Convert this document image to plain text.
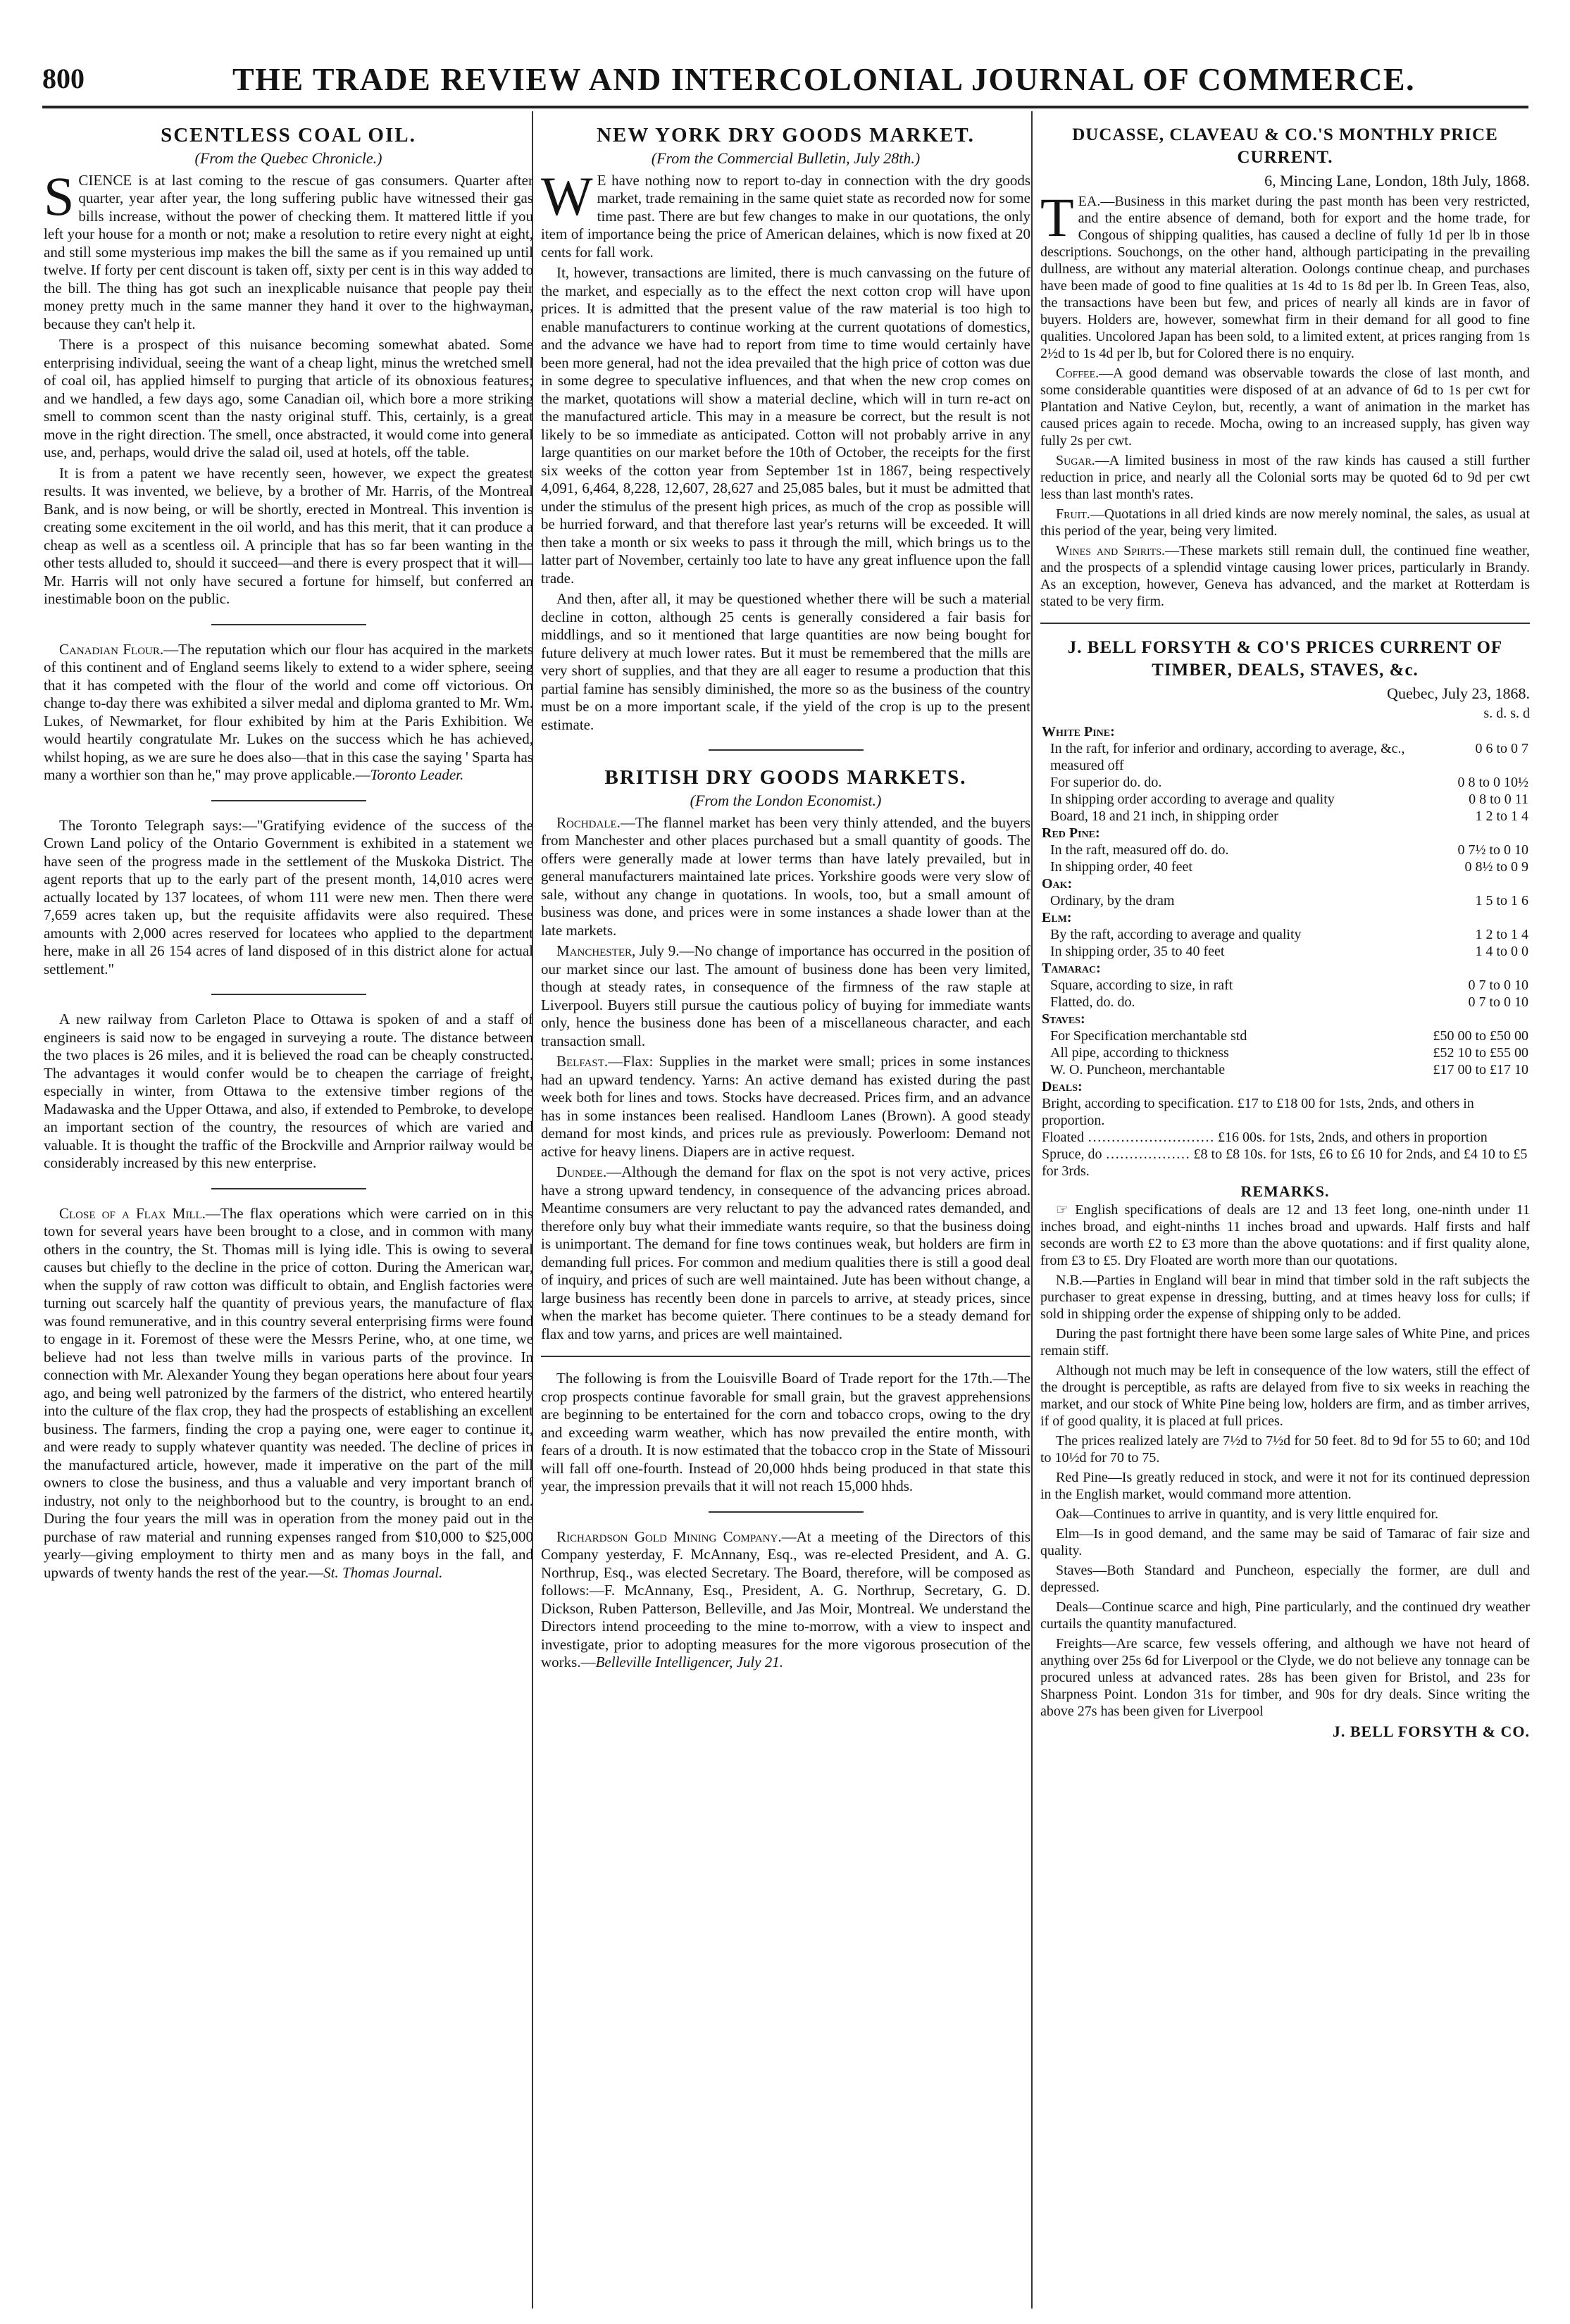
800	THE TRADE REVIEW AND INTERCOLONIAL JOURNAL OF COMMERCE.
SCENTLESS COAL OIL.
(From the Quebec Chronicle.)

SCIENCE is at last coming to the rescue of gas consumers. Quarter after quarter, year after year, the long suffering public have witnessed their gas bills increase, without the power of checking them. It mattered little if you left your house for a month or not; make a resolution to retire every night at eight, and still some mysterious imp makes the bill the same as if you remained up until twelve. If forty per cent discount is taken off, sixty per cent is in this way added to the bill. The thing has got such an inexplicable nuisance that people pay their money pretty much in the same manner they hand it over to the highwayman, because they can't help it.

There is a prospect of this nuisance becoming somewhat abated. Some enterprising individual, seeing the want of a cheap light, minus the wretched smell of coal oil, has applied himself to purging that article of its obnoxious features; and we handled, a few days ago, some Canadian oil, which bore a more striking smell to common scent than the nasty original stuff. This, certainly, is a great move in the right direction. The smell, once abstracted, it would come into general use, and, perhaps, would drive the salad oil, used at hotels, off the table.

It is from a patent we have recently seen, however, we expect the greatest results. It was invented, we believe, by a brother of Mr. Harris, of the Montreal Bank, and is now being, or will be shortly, erected in Montreal. This invention is creating some excitement in the oil world, and has this merit, that it can produce a cheap as well as a scentless oil. A principle that has so far been wanting in the other tests alluded to, should it succeed—and there is every prospect that it will—Mr. Harris will not only have secured a fortune for himself, but conferred an inestimable boon on the public.

Canadian Flour.—The reputation which our flour has acquired in the markets of this continent and of England seems likely to extend to a wider sphere, seeing that it has competed with the flour of the world and come off victorious. On change to-day there was exhibited a silver medal and diploma granted to Mr. Wm. Lukes, of Newmarket, for flour exhibited by him at the Paris Exhibition. We would heartily congratulate Mr. Lukes on the success which he has achieved, whilst hoping, as we are sure he does also—that in this case the saying ' Sparta has many a worthier son than he,'' may prove applicable.—Toronto Leader.

The Toronto Telegraph says:—"Gratifying evidence of the success of the Crown Land policy of the Ontario Government is exhibited in a statement we have seen of the progress made in the settlement of the Muskoka District. The agent reports that up to the early part of the present month, 14,010 acres were actually located by 137 locatees, of whom 111 were new men. Then there were 7,659 acres taken up, but the requisite affidavits were also required. These amounts with 2,000 acres reserved for locatees who applied to the department here, make in all 26 154 acres of land disposed of in this district alone for actual settlement."

A new railway from Carleton Place to Ottawa is spoken of and a staff of engineers is said now to be engaged in surveying a route. The distance between the two places is 26 miles, and it is believed the road can be cheaply constructed. The advantages it would confer would be to cheapen the carriage of freight, especially in winter, from Ottawa to the extensive timber regions of the Madawaska and the Upper Ottawa, and also, if extended to Pembroke, to develope an important section of the country, the resources of which are varied and valuable. It is thought the traffic of the Brockville and Arnprior railway would be considerably increased by this new enterprise.

Close of a Flax Mill.—The flax operations which were carried on in this town for several years have been brought to a close, and in common with many others in the country, the St. Thomas mill is lying idle. This is owing to several causes but chiefly to the decline in the price of cotton. During the American war, when the supply of raw cotton was difficult to obtain, and English factories were turning out scarcely half the quantity of previous years, the manufacture of flax was found remunerative, and in this country several enterprising firms were found to engage in it. Foremost of these were the Messrs Perine, who, at one time, we believe had not less than twelve mills in various parts of the province. In connection with Mr. Alexander Young they began operations here about four years ago, and being well patronized by the farmers of the district, who entered heartily into the culture of the flax crop, they had the prospects of establishing an excellent business. The farmers, finding the crop a paying one, were eager to continue it, and were ready to supply whatever quantity was needed. The decline of prices in the manufactured article, however, made it imperative on the part of the mill owners to close the business, and thus a valuable and very important branch of industry, not only to the neighborhood but to the country, is brought to an end. During the four years the mill was in operation from the money paid out in the purchase of raw material and running expenses ranged from $10,000 to $25,000 yearly—giving employment to thirty men and as many boys in the fall, and upwards of twenty hands the rest of the year.—St. Thomas Journal.

NEW YORK DRY GOODS MARKET.
(From the Commercial Bulletin, July 28th.)

W E have nothing now to report to-day in connection with the dry goods market, trade remaining in the same quiet state as recorded now for some time past. There are but few changes to make in our quotations, the only item of importance being the price of American delaines, which is now fixed at 20 cents for fall work.

It, however, transactions are limited, there is much canvassing on the future of the market, and especially as to the effect the next cotton crop will have upon prices. It is admitted that the present value of the raw material is too high to enable manufacturers to continue working at the current quotations of domestics, and the advance we have had to report from time to time would certainly have been more general, had not the idea prevailed that the high price of cotton was due in some degree to speculative influences, and that when the new crop comes on the market, quotations will show a material decline, which will in turn re-act on the manufactured article. This may in a measure be correct, but the result is not likely to be so immediate as anticipated. Cotton will not probably arrive in any large quantities on our market before the 10th of October, the receipts for the first six weeks of the cotton year from September 1st in 1867, being respectively 4,091, 6,464, 8,228, 12,607, 28,627 and 25,085 bales, but it must be admitted that under the stimulus of the present high prices, as much of the crop as possible will be hurried forward, and that therefore last year's returns will be exceeded. It will then take a month or six weeks to pass it through the mill, which brings us to the latter part of November, certainly too late to have any great influence upon the fall trade.

And then, after all, it may be questioned whether there will be such a material decline in cotton, although 25 cents is generally considered a fair basis for middlings, and so it mentioned that large quantities are now being bought for future delivery at much lower rates. But it must be remembered that the mills are very short of supplies, and that they are all eager to resume a production that this partial famine has sensibly diminished, the more so as the business of the country must be on a more important scale, if the yield of the crop is up to the present estimate.

BRITISH DRY GOODS MARKETS.
(From the London Economist.)

Rochdale.—The flannel market has been very thinly attended, and the buyers from Manchester and other places purchased but a small quantity of goods. The offers were generally made at lower terms than have lately prevailed, but in general manufacturers maintained late prices. Yorkshire goods were very slow of sale, without any change in quotations. In wools, too, but a small amount of business was done, and prices were in some instances a shade lower than at the late markets.

Manchester, July 9.—No change of importance has occurred in the position of our market since our last. The amount of business done has been very limited, though at steady rates, in consequence of the firmness of the raw staple at Liverpool. Buyers still pursue the cautious policy of buying for immediate wants only, hence the business done has been of a miscellaneous character, and each transaction small.

Belfast.—Flax: Supplies in the market were small; prices in some instances had an upward tendency. Yarns: An active demand has existed during the past week both for lines and tows. Stocks have decreased. Prices firm, and an advance has in some instances been realised. Handloom Lanes (Brown). A good steady demand for most kinds, and prices rule as previously. Powerloom: Demand not active for heavy linens. Diapers are in active request.

Dundee.—Although the demand for flax on the spot is not very active, prices have a strong upward tendency, in consequence of the advancing prices abroad. Meantime consumers are very reluctant to pay the advanced rates demanded, and therefore only buy what their immediate wants require, so that the business doing is unimportant. The demand for fine tows continues weak, but holders are firm in demanding full prices. For common and medium qualities there is still a good deal of inquiry, and prices of such are well maintained. Jute has been without change, a large business has recently been done in parcels to arrive, at steady prices, since when the market has become quieter. There continues to be a steady demand for flax and tow yarns, and prices are well maintained.

The following is from the Louisville Board of Trade report for the 17th.—The crop prospects continue favorable for small grain, but the gravest apprehensions are beginning to be entertained for the corn and tobacco crops, owing to the dry and exceeding warm weather, which has now prevailed the entire month, with fears of a drouth. It is now estimated that the tobacco crop in the State of Missouri will fall off one-fourth. Instead of 20,000 hhds being produced in that state this year, the impression prevails that it will not reach 15,000 hhds.

Richardson Gold Mining Company.—At a meeting of the Directors of this Company yesterday, F. McAnnany, Esq., was re-elected President, and A. G. Northrup, Esq., was elected Secretary. The Board, therefore, will be composed as follows:—F. McAnnany, Esq., President, A. G. Northrup, Secretary, G. D. Dickson, Ruben Patterson, Belleville, and Jas Moir, Montreal. We understand the Directors intend proceeding to the mine to-morrow, with a view to inspect and investigate, prior to adopting measures for the more vigorous prosecution of the works.—Belleville Intelligencer, July 21.

DUCASSE, CLAVEAU & CO.'S MONTHLY PRICE CURRENT.
6, Mincing Lane, London, 18th July, 1868.

TEA.—Business in this market during the past month has been very restricted, and the entire absence of demand, both for export and the home trade, for Congous of shipping qualities, has caused a decline of fully 1d per lb in those descriptions. Souchongs, on the other hand, although participating in the prevailing dullness, are without any material alteration. Oolongs continue cheap, and purchases have been made of good to fine qualities at 1s 4d to 1s 8d per lb. In Green Teas, also, the transactions have been but few, and prices of nearly all kinds are in favor of buyers. Holders are, however, somewhat firm in their demand for all good to fine qualities. Uncolored Japan has been sold, to a limited extent, at prices ranging from 1s 2½d to 1s 4d per lb, but for Colored there is no enquiry.

Coffee.—A good demand was observable towards the close of last month, and some considerable quantities were disposed of at an advance of 6d to 1s per cwt for Plantation and Native Ceylon, but, recently, a want of animation in the market has caused prices again to recede. Mocha, owing to an increased supply, has given way fully 2s per cwt.

Sugar.—A limited business in most of the raw kinds has caused a still further reduction in price, and nearly all the Colonial sorts may be quoted 6d to 9d per cwt less than last month's rates.

Fruit.—Quotations in all dried kinds are now merely nominal, the sales, as usual at this period of the year, being very limited.

Wines and Spirits.—These markets still remain dull, the continued fine weather, and the prospects of a splendid vintage causing lower prices, particularly in Brandy. As an exception, however, Geneva has advanced, and the market at Rotterdam is stated to be very firm.

J. BELL FORSYTH & CO'S PRICES CURRENT OF TIMBER, DEALS, STAVES, &c.
Quebec, July 23, 1868.
s. d. s. d
White Pine:
In the raft, for inferior and ordinary, according to average, &c., measured off	0 6 to 0 7
For superior do. do.	0 8 to 0 10½
In shipping order according to average and quality	0 8 to 0 11
Board, 18 and 21 inch, in shipping order	1 2 to 1 4
Red Pine:
In the raft, measured off do. do.	0 7½ to 0 10
In shipping order, 40 feet	0 8½ to 0 9
Oak:
Ordinary, by the dram	1 5 to 1 6
Elm:
By the raft, according to average and quality	1 2 to 1 4
In shipping order, 35 to 40 feet	1 4 to 0 0
Tamarac:
Square, according to size, in raft	0 7 to 0 10
Flatted, do. do.	0 7 to 0 10
Staves:
For Specification merchantable std	£50 00 to £50 00
All pipe, according to thickness	£52 10 to £55 00
W. O. Puncheon, merchantable	£17 00 to £17 10
Deals:
Bright, according to specification. £17 to £18 00 for 1sts, 2nds, and others in proportion.
Floated ……………………… £16 00s. for 1sts, 2nds, and others in proportion
Spruce, do ……………… £8 to £8 10s. for 1sts, £6 to £6 10 for 2nds, and £4 10 to £5 for 3rds.
REMARKS.

☞ English specifications of deals are 12 and 13 feet long, one-ninth under 11 inches broad, and eight-ninths 11 inches broad and upwards. Half firsts and half seconds are worth £2 to £3 more than the above quotations: and if first quality alone, from £3 to £5. Dry Floated are worth more than our quotations.

N.B.—Parties in England will bear in mind that timber sold in the raft subjects the purchaser to great expense in dressing, butting, and at times heavy loss for culls; if sold in shipping order the expense of shipping only to be added.

During the past fortnight there have been some large sales of White Pine, and prices remain stiff.

Although not much may be left in consequence of the low waters, still the effect of the drought is perceptible, as rafts are delayed from five to six weeks in reaching the market, and our stock of White Pine being low, holders are firm, and as timber arrives, if of good quality, it is placed at full prices.

The prices realized lately are 7½d to 7½d for 50 feet. 8d to 9d for 55 to 60; and 10d to 10½d for 70 to 75.

Red Pine—Is greatly reduced in stock, and were it not for its continued depression in the English market, would command more attention.

Oak—Continues to arrive in quantity, and is very little enquired for.

Elm—Is in good demand, and the same may be said of Tamarac of fair size and quality.

Staves—Both Standard and Puncheon, especially the former, are dull and depressed.

Deals—Continue scarce and high, Pine particularly, and the continued dry weather curtails the quantity manufactured.

Freights—Are scarce, few vessels offering, and although we have not heard of anything over 25s 6d for Liverpool or the Clyde, we do not believe any tonnage can be procured unless at advanced rates. 28s has been given for Bristol, and 23s for Sharpness Point. London 31s for timber, and 90s for dry deals. Since writing the above 27s has been given for Liverpool

J. BELL FORSYTH & CO.
